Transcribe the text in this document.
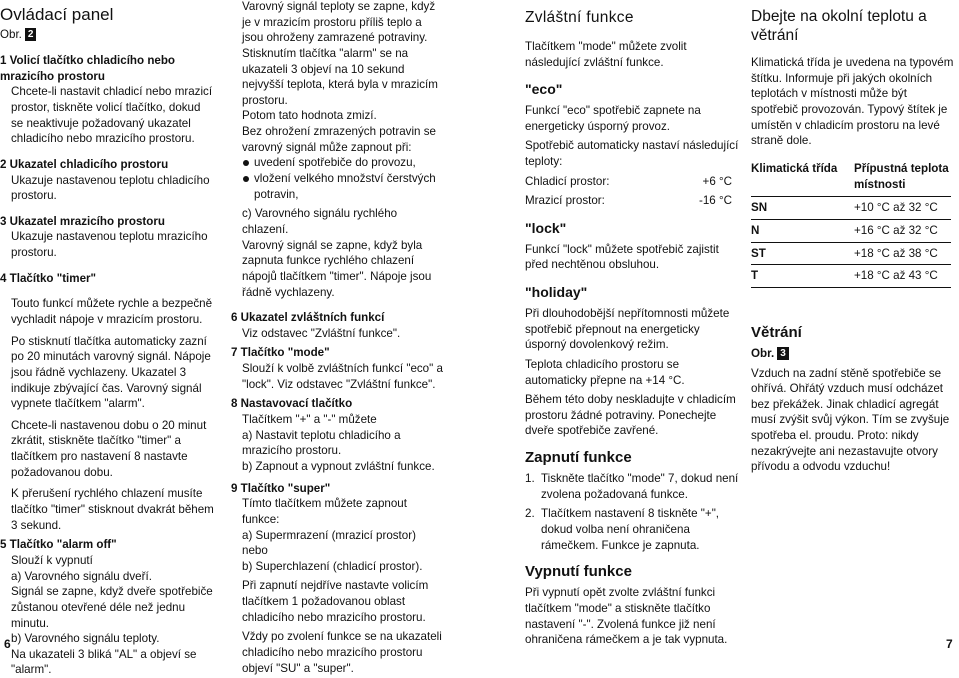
Ovládací panel
Obr. 2

1 Volicí tlačítko chladicího nebo mrazicího prostoru

Chcete-li nastavit chladicí nebo mrazicí prostor, tiskněte volicí tlačítko, dokud se neaktivuje požadovaný ukazatel chladicího nebo mrazicího prostoru.

2 Ukazatel chladicího prostoru

Ukazuje nastavenou teplotu chladicího prostoru.

3 Ukazatel mrazicího prostoru

Ukazuje nastavenou teplotu mrazicího prostoru.

4 Tlačítko "timer"

Touto funkcí můžete rychle a bezpečně vychladit nápoje v mrazicím prostoru.

Po stisknutí tlačítka automaticky zazní po 20 minutách varovný signál. Nápoje jsou řádně vychlazeny. Ukazatel 3 indikuje zbývající čas. Varovný signál vypnete tlačítkem "alarm".

Chcete-li nastavenou dobu o 20 minut zkrátit, stiskněte tlačítko "timer" a tlačítkem pro nastavení 8 nastavte požadovanou dobu.

K přerušení rychlého chlazení musíte tlačítko "timer" stisknout dvakrát během 3 sekund.

5 Tlačítko "alarm off"

Slouží k vypnutí

a) Varovného signálu dveří.

Signál se zapne, když dveře spotřebiče zůstanou otevřené déle než jednu minutu.

b) Varovného signálu teploty.

Na ukazateli 3 bliká "AL" a objeví se "alarm".

Varovný signál teploty se zapne, když je v mrazicím prostoru příliš teplo a jsou ohroženy zamrazené potraviny.

Stisknutím tlačítka "alarm" se na ukazateli 3 objeví na 10 sekund nejvyšší teplota, která byla v mrazicím prostoru.

Potom tato hodnota zmizí.

Bez ohrožení zmrazených potravin se varovný signál může zapnout při:

uvedení spotřebiče do provozu,

vložení velkého množství čerstvých potravin,

c) Varovného signálu rychlého chlazení.

Varovný signál se zapne, když byla zapnuta funkce rychlého chlazení nápojů tlačítkem "timer". Nápoje jsou řádně vychlazeny.

6 Ukazatel zvláštních funkcí

Viz odstavec "Zvláštní funkce".

7 Tlačítko "mode"

Slouží k volbě zvláštních funkcí "eco" a "lock". Viz odstavec "Zvláštní funkce".

8 Nastavovací tlačítko

Tlačítkem "+" a "-" můžete

a) Nastavit teplotu chladicího a mrazicího prostoru.

b) Zapnout a vypnout zvláštní funkce.

9 Tlačítko "super"

Tímto tlačítkem můžete zapnout funkce:

a) Supermrazení (mrazicí prostor)

nebo

b) Superchlazení (chladicí prostor).

Při zapnutí nejdříve nastavte volicím tlačítkem 1 požadovanou oblast chladicího nebo mrazicího prostoru.

Vždy po zvolení funkce se na ukazateli chladicího nebo mrazicího prostoru objeví "SU" a "super".

Zvláštní funkce

Tlačítkem "mode" můžete zvolit následující zvláštní funkce.

"eco"

Funkcí "eco" spotřebič zapnete na energeticky úsporný provoz.

Spotřebič automaticky nastaví následující teploty:

Chladicí prostor:	+6 °C
Mrazicí prostor:	-16 °C

"lock"

Funkcí "lock" můžete spotřebič zajistit před nechtěnou obsluhou.

"holiday"

Při dlouhodobější nepřítomnosti můžete spotřebič přepnout na energeticky úsporný dovolenkový režim.

Teplota chladicího prostoru se automaticky přepne na +14 °C.

Během této doby neskladujte v chladicím prostoru žádné potraviny. Ponechejte dveře spotřebiče zavřené.

Zapnutí funkce

1. Tiskněte tlačítko "mode" 7, dokud není zvolena požadovaná funkce.
2. Tlačítkem nastavení 8 tiskněte "+", dokud volba není ohraničena rámečkem. Funkce je zapnuta.

Vypnutí funkce

Při vypnutí opět zvolte zvláštní funkci tlačítkem "mode" a stiskněte tlačítko nastavení "-". Zvolená funkce již není ohraničena rámečkem a je tak vypnuta.

Dbejte na okolní teplotu a větrání

Klimatická třída je uvedena na typovém štítku. Informuje při jakých okolních teplotách v místnosti může být spotřebič provozován. Typový štítek je umístěn v chladicím prostoru na levé straně dole.

Klimatická třída	Přípustná teplota místnosti
SN	+10 °C až 32 °C
N	+16 °C až 32 °C
ST	+18 °C až 38 °C
T	+18 °C až 43 °C

Větrání

Obr. 3

Vzduch na zadní stěně spotřebiče se ohřívá. Ohřátý vzduch musí odcházet bez překážek. Jinak chladicí agregát musí zvýšit svůj výkon. Tím se zvyšuje spotřeba el. proudu. Proto: nikdy nezakrývejte ani nezastavujte otvory přívodu a odvodu vzduchu!

6	7
